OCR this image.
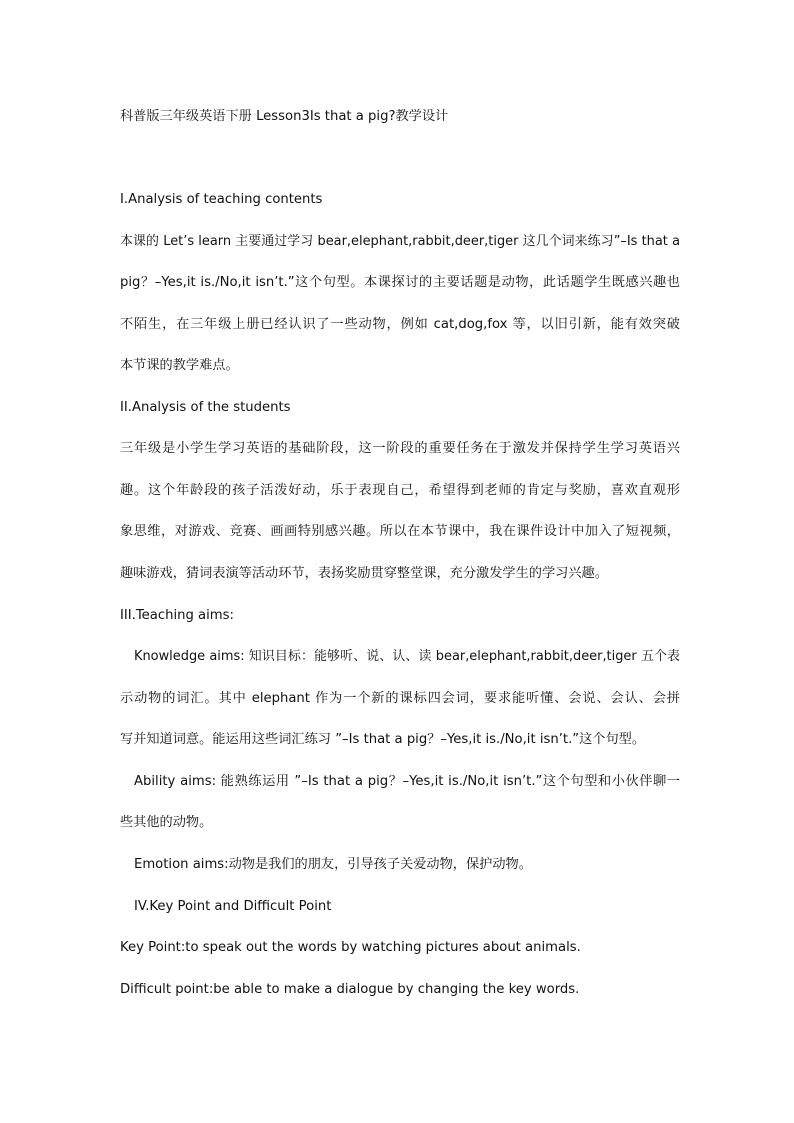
科普版三年级英语下册 Lesson3Is that a pig?教学设计
I.Analysis of teaching contents
本课的 Let’s learn 主要通过学习 bear,elephant,rabbit,deer,tiger 这几个词来练习”–Is that a
pig？–Yes,it is./No,it isn’t.”这个句型。本课探讨的主要话题是动物，此话题学生既感兴趣也
不陌生，在三年级上册已经认识了一些动物，例如 cat,dog,fox 等，以旧引新，能有效突破
本节课的教学难点。
II.Analysis of the students
三年级是小学生学习英语的基础阶段，这一阶段的重要任务在于激发并保持学生学习英语兴
趣。这个年龄段的孩子活泼好动，乐于表现自己，希望得到老师的肯定与奖励，喜欢直观形
象思维，对游戏、竞赛、画画特别感兴趣。所以在本节课中，我在课件设计中加入了短视频，
趣味游戏，猜词表演等活动环节，表扬奖励贯穿整堂课，充分激发学生的学习兴趣。
III.Teaching aims:
Knowledge aims: 知识目标：能够听、说、认、读 bear,elephant,rabbit,deer,tiger 五个表
示动物的词汇。其中 elephant 作为一个新的课标四会词，要求能听懂、会说、会认、会拼
写并知道词意。能运用这些词汇练习 ”–Is that a pig？–Yes,it is./No,it isn’t.”这个句型。
Ability aims: 能熟练运用 ”–Is that a pig？–Yes,it is./No,it isn’t.”这个句型和小伙伴聊一
些其他的动物。
Emotion aims:动物是我们的朋友，引导孩子关爱动物，保护动物。
IV.Key Point and Difficult Point
Key Point:to speak out the words by watching pictures about animals.
Difficult point:be able to make a dialogue by changing the key words.
